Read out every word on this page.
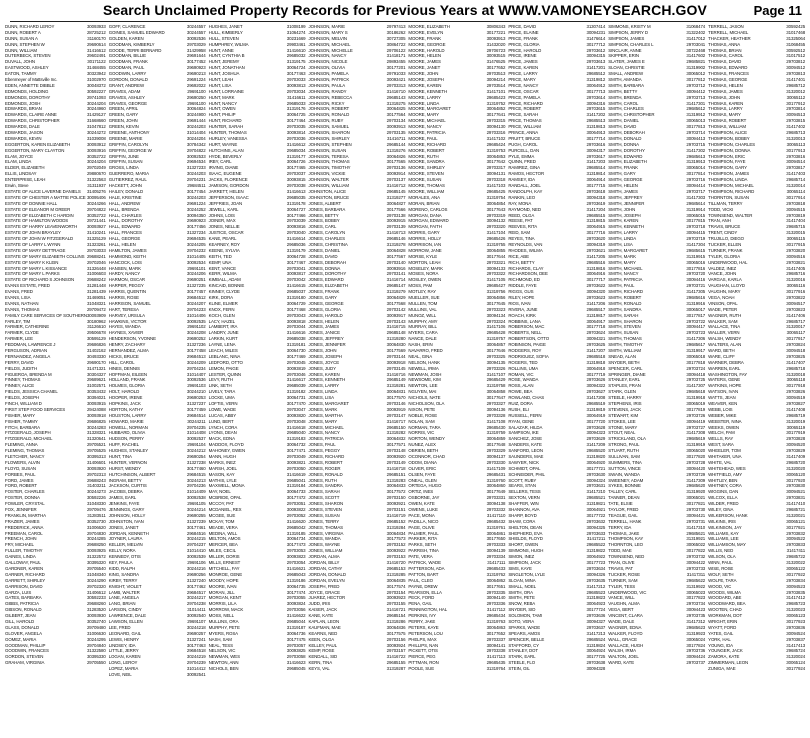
Search Unclaimed Property Records for Previous Years at WWW.VAMONEYSEARCH.GOV	Page 11
DUNN, RICHARD LEROY	30093933
DUNN, ROBERT A	28725212
DUNN, SUSAN A	31160170
DUNN, STEPHEN W	29690614
DUNN, WILLIAM	31416612
DUTERBECK, STEVEN	29602491
DUVALL, JOHN	30171122
EASTWOOD, ASHLEY	31468455
EATON, TAMMY	30323942
Ebenmeyer of Mattsville Inc.	31002970
EDEN, ANNETTE DIBBLE	30048372
EDMONDS, HOLDING	30592227
EDMONDS, DOROTHY	29741093
EDMONDS, JOSH	30244204
EDWARDS, BRIAN	30244960
EDWARDS, CLAIRE ANNE	31429127
EDWARDS, CHRISTOPHER	31668660
EDWARDS, DALE	31047812
EDWARDS, JASON	30244272
EDWARDS, KEVIN	31039008
EGGERTON, KAREN ELIZABETH	30093912
EGGERTON, MARY CLAYTON	30093916
ELAM, JOYCE	30352722
ELAM, LINDA	30244204
ELDER, ELIZABETH	29702049
ELLIS, LINDSAY	29880670
ENTERPRISE, LEAH	31322563
Erwin, Steve	31311937
ESTATE OF ALICE LAVERNE DANIELS 31405276
ESTATE OF CHESTER A MATTIE POLICE 30095406
ESTATE OF DONNIE HALL	30244266
ESTATE OF ELEANOR M GREER	29704822
ESTATE OF ELIZABETH C HARDIN	30352722
ESTATE OF HAMILTON WOODS	29721441
ESTATE OF HARRY LEAVENWORTH 30093927
ESTATE OF JOHN BRAYLEY	31410241
ESTATE OF JOHN W FITZGERALD	31325129
ESTATE OF LARRY L WYNN	31323261
ESTATE OF MARY DETTRAGE	29703033
ESTATE OF MARY ELIZABETH COLLINS 29688241
ESTATE OF MARY K KLEIN	29702046
ESTATE OF MARY L KISSANCE	31326448
ESTATE OF MARY L PARKS	31006603
ESTATE OF RICHARD S JOHNSON	29688242
EVANS ESTATE, FRED	31281448
EVANS, FRED	31281439
EVANS, LISA	31469051
EVANS, NATHAN	31048321
EVANS, THOMAS	29709472
FAMILY CARE SERVICES OF SOUTHERN 30093909
FARLEY, TIM	30180962
FARMER, CATHERINE	31126610
FARMER, CLYDE	29506678
FARMER, LEE	30595129
FEDDMAN, LAWRENCE J	29686826
FERGUSON, ADRIAN	31402162
FERNANDEZ, ANGELA	30493330
FERRY, DAVID	29690170
FIELDS, JUDITH	31471321
FIGUEROA, BRENDA M	30304327
FINNEY, THOMAS	29689621
FINNEY, ALICE	31002571
FIELDS, JESSICA CHANEL	30353432
FIELDS, JOSEPH	30394021
FINCH, WILLIAM D	30093915
FIRST STEP FOOD SERVICES	29424088
FISHER, MARY	30093918
FISHER, TAMMY	29686825
FITCH, BARBARA	30244283
FITZGERALD, JOSEPH	31328321
FITZGERALD, MICHAEL	31320641
FLEMING, ANNA	29705521
FLEMING, THOMAS	29705525
FLETCHER, NANCY	30395313
FLOWERS, ALVIN	31406601
FLOYD, SUSAN	30093920
FORBES, PAUL	29702313
FORD, JAMES	29688243
FORD, ROBERT	31403211
FOSTER, CHARLES	30244273
FOSTER, DONNA	30592226
FOWLER, CRYSTAL	31048330
FOX, JENNIFER	29709476
FRANKLIN, MARTHA	31283511
FRAZIER, JAMES	30352730
FREDERICK, ANNA	31006620
FREEMAN, CAROL	29704830
FRENCH, JOHN	30244285
FRY, MICHAEL	29688250
FULLER, TIMOTHY	30093925
GAINES, LINDA	31322572
GALLOWAY, PAUL	30395320
GARDNER, KAREN	29705540
GARNER, RICHARD	31048340
GARRETT, SHIRLEY	30244290
GARRISON, DAVID	29702320
GARZA, LUIS	31406612
GATES, BARBARA	30592233
GIBBS, PATRICIA	29688260
GIBSON, RONALD	31283520
GILBERT, JEAN	30093930
GILL, HAROLD	30352740
GLASS, DONALD	29709480
GLOVER, ANGELA	31006630
GOMEZ, MARIA	30244295
GOODMAN, PHILLIP	29704840
GOODWIN, FRANCES	31322580
GORDON, STEVEN	30395330
GRAHAM, VIRGINIA	29705550
GOFF, CLARENCE	30244557
GOINES, SAMUEL EDWARD	30244557
GOLDEN, KAREN	30092536
GOODMAN, KIMBERLY	29703029
GOODE, TERRI BERNARD	31429958
GOODMAN, BILLIE	29691644
GOODMAN, FRANK	30177452
GOODMAN, PAUL	29690923
GOODWIN, LARRY	29690213
GORDON, DONALD	29691224
GRANT, ANDREW	29692022
GRAVES, ADAM	29691100
GRAVES, ASHLEY	29690250
GRAVES, GEORGE	29691100
GREEN, APRIL	30064824
GREEN, GARY	30244900
GREEN, JOHN	29691444
GREEN, KEVIN	30244203
GREENE, ANTHONY	31014404
GREENE, MARIE	30244204
GRIFFIN, CAROLYN	30784342
GRIFFIN, GEORGE W	29704822
GRIFFIN, JUNE	30092533
GRIFFIN, SUSAN	29694534
GROSS, LINDA	31327233
GUERRERO, MARIA	30244203
GUTIERREZ, RAUL	29704231
HACKETT, JOHN	29684511
HAILEY, DONALD	30177454
HALE, KRISTINE	30244203
HALL, ANDREW	29691224
HALL, BRENDA	30244252
HALL, CHARLES	30094350
HALL, DOROTHY	29690923
HALL, EDWARD	30177456
HALL, FRANCES	31327234
HALL, GEORGE	29694535
HALL, HELEN	30244205
HAMILTON, JAMES	29704232
HAMMOND, KEITH	31014405
HANCOCK, LOIS	30092534
HANSEN, MARK	29691101
HARDY, NANCY	30244206
HARMON, OSCAR	29690251
HARPER, PEGGY	31327235
HARRIS, QUENTIN	30177457
HARRIS, ROSE	29684512
HARRISON, SAMUEL	30244207
HART, TERESA	29704233
HARVEY, URSULA	31014406
HAWKINS, VICTOR	30092535
HAYES, WANDA	29691102
HAYNES, XAVIER	30244208
HENDERSON, YVONNE	29690252
HENRY, ZACHARY	31327236
HERNANDEZ, ALMA	30177458
HICKS, BRUCE	29684513
HILL, CAROL	30244209
HINES, DENNIS	29704234
HOFFMAN, EILEEN	31014407
HOLLAND, FRANK	30092536
HOLMES, GLORIA	29691103
HOLT, HAROLD	30244210
HOOPER, IRENE	29690253
HOPKINS, JACK	31327237
HORTON, KATHY	30177459
HOUSTON, LARRY	29684514
HOWARD, MARIE	30244211
HOWELL, NORMAN	29704235
HUBBARD, OLIVIA	31014408
HUDSON, PERRY	30092537
HUFF, RACHEL	29691104
HUGHES, STANLEY	30244212
HUNT, TINA	29690254
HUNTER, VERNON	31327238
HURST, WENDY	30177460
HUTCHINSON, ALBERT	29684515
INGRAM, BETTY	30244213
JACKSON, CURTIS	29704236
JACOBS, DEBRA	31014409
JAMES, EARL	30092538
JENKINS, FAYE	29691105
JENNINGS, GARY	30244214
JOHNSON, HOLLY	29690255
JOHNSTON, IVAN	31327239
JONES, JANET	30177461
JORDAN, KENNETH	29684516
JOYNER, LAURA	30244215
KELLER, MELVIN	29704237
KELLY, NORA	31014410
KENNEDY, OTIS	30092539
KEY, PAULA	29691106
KIDD, RALPH	30244216
KING, SANDRA	29690256
KIRBY, TERRY	31327240
KNIGHT, VIOLET	30177462
LAMB, WALTER	29684517
LANE, ANGELA	30244217
LANG, BRIAN	29704238
LARSON, CINDY	31014411
LAWRENCE, DALE	30092540
LAWSON, ELLEN	29691107
LEE, FRED	30244218
LEONARD, GAIL	29690257
LEWIS, HENRY	31327241
LINDSEY, IDA	30177463
LITTLE, JERRY	29684518
LOGAN, KAREN	30244219
LONG, LEROY	29704239
LOPEZ, MARIA	31014412
LOVE, NEIL	30092541
HUGHES, JANET	31008199
HULL, KIMBERLY	31064274
HULL, STEVEN	30231669
HUMPHREY, WILMA	29903461
HUNT, ANNE	31416610
HUNT, CYNTHIA B	29685032
HUNT, JEREMY	31319175
HUNT, JONATHAN	30064724
HUNT, JOSHUA	30177463
HUNT, LEAH	29703033
HUNT, LISA	30093813
HUNT, LORRAINE	29703034
HUNT, MARK	31416611
HUNT, NANCY	29685033
HUNT, OWEN	31319176
HUNT, PHILIP	30064725
HUNT, RICHARD	30177464
HUNTER, SARAH	29703035
HUNTER, THOMAS	30093814
HURLEY, VANESSA	29703036
HURT, WAYNE	31416612
HUTCHINS, ALAN	29685034
HYDE, BEVERLY	31319177
IRBY, CARL	30064726
IRVING, DIANE	30177465
ISAAC, EUGENE	29703037
JACKS, FLORENCE	30093815
JAMISON, GORDON	29703038
JARRETT, HELEN	31416613
JEFFERSON, ISAAC	29685035
JEFFRIES, JOAN	31319178
JEWELL, KARL	30064727
JOHNS, LOIS	30177466
JOINER, MAX	29703039
JONES, NELLIE	30093816
JUSTICE, OSCAR	29703040
KANE, PEARL	31416614
KEARNEY, ROY	29685036
KEENE, SYLVIA	31319179
KEITH, TED	30064728
KEMP, UNA	30177467
KENT, VANCE	29703041
KERR, WILMA	30093817
KIMBALL, ADAM	29703042
KINCAID, BONNIE	31416615
KINNEY, CLYDE	29685037
KIRK, DORA	31319180
KLINE, ELMER	30064729
KNOX, FERN	30177468
KOCH, GLEN	29703043
LACY, HAZEL	30093818
LAMBERT, IRA	29703044
LANDRY, JUNE	31416616
LARKIN, KURT	29685038
LAYNE, LENA	31319181
LEACH, MILES	30064730
LEBLANC, NINA	30177469
LEDFORD, OTTO	29703045
LEMON, PAIGE	30093819
LESTER, QUINN	29703046
LEVY, RUTH	31416617
LINK, SETH	29685039
LIVELY, TARA	31319182
LOCKE, UMA	30064731
LOFTIS, VERN	30177470
LOWE, WADE	29703047
LUCAS, ABBY	30093820
LUND, BERT	29703048
LYNCH, CORA	31416618
LYONS, DEAN	29685040
MACK, EDNA	31319183
MADDOX, FLOYD	30064732
MAHONEY, GWEN	30177471
MANN, HUGH	29703049
MARKS, INEZ	30093821
MARSH, JOEL	29703050
MASON, KAY	31416619
MATHIS, LYLE	29685041
MAXWELL, MONA	31319184
MAY, NOEL	30064733
MCBRIDE, OPAL	30177472
MCCOY, PAT	29703051
MCDANIEL, REX	30093822
MCGEE, SUE	29703052
MCKAY, TOM	31416620
MEADE, VERA	29685042
MEDINA, WILL	31319185
MELTON, AMOS	30064734
MERCER, BEA	30177473
MILES, CECIL	29703053
MILLER, DORIS	30093823
MILLS, ERNEST	29703054
MITCHELL, FAY	31416621
MONROE, GENE	29685043
MOODY, HOPE	31319186
MOORE, IVAN	30064735
MORAN, JILL	30177474
MORGAN, KENT	29703055
MORRIS, LILA	30093824
MORROW, MACK	29703056
MOSS, NELL	31416622
MULLINS, ORA	29685044
MURPHY, PETE	31319187
MYERS, ROSA	30064736
NASH, SAM	30177475
NEAL, TESS	29703057
NELSON, VIC	30093825
NEWMAN, WES	29703058
NEWTON, ANN	31416623
NICHOLS, BEN	29685045
JOHNSON, MARIE	29797413
JOHNSON, MARY S	30186262
JOHNSON, MELVIN	30727305
JOHNSON, MICHAEL	30864722
JOHNSON, MICHELLE	29706122
JOHNSON, NANCY	31418171
JOHNSON, NICOLE	29893455
JOHNSON, OLIVIA	30177201
JOHNSON, PAMELA	29791033
JOHNSON, PATRICK	30093421
JOHNSON, PAULA	29703313
JOHNSON, RANDY	31416710
JOHNSON, REBECCA	29685143
JOHNSON, RICKY	31319275
JOHNSON, ROBERT	30064825
JOHNSON, RONALD	30177564
JOHNSON, RUBY	29703134
JOHNSON, SAMUEL	30093913
JOHNSON, SHARON	29703135
JOHNSON, SHIRLEY	31416711
JOHNSON, STEPHEN	29685144
JOHNSON, SUSAN	31319276
JOHNSON, TERESA	30064826
JOHNSON, THOMAS	30177565
JOHNSON, TIMOTHY	29703136
JOHNSON, VICKIE	30093914
JOHNSON, WALTER	29703137
JOHNSON, WILLIAM	31416712
JOHNSTON, ALICE	29685145
JOHNSTON, BRUCE	31319277
JONES, ALBERT	30064827
JONES, BARBARA	30177566
JONES, BETTY	29703138
JONES, BOBBY	30093915
JONES, CARL	29703139
JONES, CAROLYN	31416713
JONES, CHARLES	29685146
JONES, CHRISTINA	31319278
JONES, DANIEL	30064828
JONES, DAVID	30177567
JONES, DEBORAH	29703140
JONES, DONNA	30093916
JONES, DOROTHY	29703141
JONES, EDWARD	31416714
JONES, ELIZABETH	29685147
JONES, FRANK	31319279
JONES, GARY	30064829
JONES, GEORGE	30177568
JONES, GLORIA	29703142
JONES, HAROLD	30093917
JONES, HELEN	29703143
JONES, JAMES	31416715
JONES, JANICE	29685148
JONES, JEFFREY	31319280
JONES, JENNIFER	30064830
JONES, JOHN	30177569
JONES, JOSEPH	29703144
JONES, JOYCE	30093918
JONES, JUDY	29703145
JONES, KAREN	31416716
JONES, KENNETH	29685149
JONES, LARRY	31319281
JONES, LINDA	30064831
JONES, LISA	30177570
JONES, MARGARET	29703146
JONES, MARK	30093919
JONES, MARTHA	29703147
JONES, MARY	31416717
JONES, MICHAEL	29685150
JONES, NANCY	31319282
JONES, PATRICIA	30064832
JONES, PAUL	30177571
JONES, PEGGY	29703148
JONES, RICHARD	30093920
JONES, ROBERT	29703149
JONES, ROGER	31416718
JONES, RONALD	29685151
JONES, RUTH	31319283
JONES, SANDRA	30064833
JONES, SARAH	30177572
JONES, SCOTT	29703150
JONES, SHARON	30093921
JONES, STEVEN	29703151
JONES, SUSAN	31416719
JONES, TERRY	29685152
JONES, THOMAS	31319284
JONES, VIRGINIA	30064834
JONES, WANDA	30177573
JONES, WAYNE	29703152
JONES, WILLIAM	30093922
JORDAN, ALMA	29703153
JORDAN, BILLY	31416720
JORDAN, CATHY	29685153
JORDAN, DONALD	31319285
JORDAN, EVELYN	30064835
JOSEPH, FRED	30177574
JOYCE, GRACE	29703154
JUAREZ, HECTOR	30093923
JUDD, IRIS	29703155
KAISER, JACK	31416721
KANE, KATE	29685154
KAPLAN, LEON	31319286
KAUFMAN, MAE	30064836
KEARNS, NED	30177575
KEEN, OLGA	29703156
KELLEY, PAUL	30093924
KEMP, ROSE	29703157
KENDALL, SID	31416722
KERN, TINA	29685155
KEYS, VAL	31319287
MOORE, ELIZABETH	30806343
MOORE, EVELYN	30177221
MOORE, FRANK	30093913
MOORE, GEORGE	31432020
MOORE, HAROLD	29706723
MOORE, HELEN	30093515
MOORE, JAMES	31476525
MOORE, JANET	30177652
MOORE, JOHN	29703513
MOORE, JOSEPH	30094214
MOORE, KAREN	29703514
MOORE, KENNETH	31417101
MOORE, LARRY	29685423
MOORE, LINDA	31319752
MOORE, MARGARET	30064852
MOORE, MARY	30177641
MOORE, MICHAEL	29703315
MOORE, NANCY	30094130
MOORE, PATRICIA	29703316
MOORE, PAUL	31417102
MOORE, RICHARD	29685424
MOORE, ROBERT	31319753
MOORE, RUTH	30064853
MOORE, SANDRA	30177642
MOORE, SHIRLEY	29703317
MOORE, STEVEN	30094131
MOORE, SUSAN	29703318
MOORE, THOMAS	31417103
MOORE, WILLIAM	29685425
MORALES, ANA	31319754
MORAN, BRIAN	30064854
MORENO, CARLOS	30177643
MORGAN, DANA	29703319
MORGAN, EDWARD	30094132
MORGAN, FAITH	29703320
MORRIS, GARY	31417104
MORRIS, HOLLY	29685426
MORRISON, IAN	31319755
MORROW, JANE	30064855
MORSE, KYLE	30177644
MORTON, LEAH	29703321
MOSELEY, MARK	30094133
MOSES, NORA	29703322
MOSLEY, OWEN	31417105
MOSS, PAM	29685427
MOTLEY, RAY	31319756
MUELLER, SUE	30064856
MULLEN, TOM	30177645
MULLINS, VAL	29703323
MUNOZ, WILL	30094134
MURPHY, AMY	29703324
MURRAY, BILL	31417106
MYERS, CARA	29685428
NANCE, DALE	31319757
NASH, ERIN	30064857
NAVARRO, FRED	30177646
NEAL, GINA	29703325
NELSON, HANK	30094135
NEWELL, IRMA	29703326
NEWMAN, JOSH	31417107
NEWSOME, KIM	29685429
NEWTON, LEE	31319758
NGUYEN, MAI	30064858
NICHOLS, NATE	30177647
NICHOLSON, OLA	29703327
NIXON, PETE	30094136
NOBLE, ROSE	29703328
NOLAN, SAM	31417108
NORMAN, TARA	29685430
NORRIS, VIC	31319759
NORTON, WENDY	30064859
NUNEZ, ALEX	30177648
OBRIEN, BETH	29703329
OCONNOR, CHAD	30094137
ODOM, DIANA	29703330
OLIVER, ERIC	31417109
OLSEN, FAYE	29685431
ONEAL, GLEN	31319760
ORTEGA, HUGO	30064860
ORTIZ, INES	30177649
OSBORNE, JAY	29703331
OWEN, KATE	30094138
OWENS, LUKE	29703332
PACE, MONA	31417110
PADILLA, NICO	29685432
PAGE, OLIVE	31319761
PALMER, PAUL	30064861
PARKER, RITA	30177650
PARKS, SETH	29703333
PARRISH, TINA	30094139
PATE, VERA	29703334
PATRICK, WADE	31417111
PATTERSON, ADA	29685433
PATTON, BART	31319762
PAUL, CLEO	30064862
PAYNE, DREW	30177651
PEARSON, ELLA	29703335
PECK, FORD	30094140
PENA, GAIL	29703336
PENNINGTON, HAL	31417112
PERKINS, IVY	29685434
PERRY, JAKE	31319763
PETERS, KAYE	30064863
PETERSON, LOU	30177652
PHELPS, MAX	29703337
PHILLIPS, NAN	30094141
PICKETT, OTIS	29703338
PIERCE, PEG	31417113
PITTMAN, RON	29685435
POOLE, SUE	31319764
PRICE, DAVID	31307414
PRICE, ELAINE	30094231
PRICE, FRANK	31476614
PRICE, GLORIA	30177712
PRICE, HAROLD	29703612
PRICE, IRENE	30094315
PRICE, JAMES	29703613
PRICE, KAREN	31417201
PRICE, LARRY	29685512
PRICE, MARY	31319812
PRICE, NANCY	30064912
PRICE, OSCAR	30177713
PRICE, PAMELA	29703614
PRICE, RICHARD	30094316
PRICE, ROBERT	29703615
PRICE, SARAH	31417202
PRICE, THOMAS	29685513
PRICE, WILLIAM	31319813
PRINCE, ANNA	30064913
PRUITT, BRUCE	30177714
PUGH, CAROL	29703616
PURCELL, DAN	30094317
PYLE, EMMA	29703617
QUINN, FRED	31417203
RAMIREZ, GINA	29685514
RAMOS, HECTOR	31319814
RAMSEY, IDA	30064914
RANDALL, JOEL	30177715
RANDOLPH, KAY	29703618
RANKIN, LEO	30094318
RAY, MONA	29703619
RAYMOND, NED	31417204
REED, OLGA	29685515
REESE, PAT	31319815
REEVES, RITA	30064915
REID, SAM	30177716
REYES, TINA	29703620
REYNOLDS, VAN	30094319
RHODES, WILMA	29703621
RICE, ABE	31417205
RICH, BETTY	29685516
RICHARDS, CLAY	31319816
RICHARDSON, DEE	30064916
RICHMOND, ED	30177717
RIDDLE, FAYE	29703622
RIGGS, GUS	30094320
RILEY, HOPE	29703623
RIOS, IVAN	31417206
RIVERA, JUNE	29685517
ROACH, KIRK	31319817
ROBBINS, LANA	30064917
ROBERSON, MAC	30177718
ROBERTS, NELL	29703624
ROBERTSON, OTTO	30094321
ROBINSON, PAIGE	29703625
RODGERS, ROY	31417207
RODRIGUEZ, SOFIA	29685518
ROGERS, TED	31319818
ROLLINS, UMA	30064918
ROMAN, VIC	30177719
ROSE, WANDA	29703626
ROSS, ALAN	30094322
ROWE, BEA	29703627
ROWLAND, CHAS	31417208
RUIZ, DORA	29685519
RUSH, ELI	31319819
RUSSELL, FERN	30064919
RYAN, GENE	30177720
SALAZAR, HILDA	29703628
SAMPSON, IKE	30094323
SANCHEZ, JOSE	29703629
SANDERS, KATE	31417209
SANFORD, LEON	29685520
SAUNDERS, MAE	31319820
SAWYER, NICK	30064920
SCHMIDT, OPAL	30177721
SCHNEIDER, PHIL	29703630
SCOTT, RUBY	30094324
SEARS, STAN	29703631
SELLERS, TESS	31417210
SEXTON, VERN	29685521
SHAFFER, WIN	31319821
SHANNON, AVA	30064921
SHARP, BOYD	30177722
SHAW, CORA	29703632
SHELTON, DEAN	30094325
SHEPHERD, EVA	29703633
SHIELDS, FLOYD	31417211
SHORT, GWEN	29685522
SIMMONS, HUGH	31319822
SIMON, INEZ	30064922
SIMPSON, JACK	30177723
SIMS, KAYE	29703634
SINGLETON, LYLE	30094326
SLOAN, MINA	29703635
SMALL, NOEL	31417212
SMITH, ORA	29685523
SMITH, PETE	31319823
SNOW, REBA	30064923
SNYDER, SID	30177724
SOLOMON, TAMI	29703636
SOTO, VERA	30094327
SPARKS, WADE	29703637
SPEARS, AMOS	31417213
SPENCER, BELLE	29685524
STAFFORD, CY	31319824
STANLEY, DOT	30064924
STARK, EARL	30177725
STEELE, FLO	29703638
STEIN, GIL	30094328
SIMMONS, KRISTY M	31068474
SIMPSON, JERRY D	31322402
SIMPSON, JAMES	31417012
SIMPSON, CHARLES L	29703041
SINCLAIR, ANNE	30722468
SKIPPER, ERIN	31417602
SLATER, JAMES E	29685821
SLOAN, CHRISTIE	31319902
SMALL, ANDREW	30065012
SMITH, AMANDA	30177812
SMITH, BARBARA	29703712
SMITH, BETTY	30094412
SMITH, BRENDA	29703713
SMITH, CAROL	31417301
SMITH, CHARLES	29685612
SMITH, CHRISTOPHER	31319912
SMITH, DANIEL	30065013
SMITH, DAVID	30177813
SMITH, DEBORAH	29703714
SMITH, DONALD	30094413
SMITH, DONNA	29703715
SMITH, DOROTHY	31417302
SMITH, EDWARD	29685613
SMITH, ELIZABETH	31319913
SMITH, FRANK	30065014
SMITH, GARY	30177814
SMITH, GEORGE	29703716
SMITH, HELEN	30094414
SMITH, JAMES	29703717
SMITH, JEFFREY	31417303
SMITH, JENNIFER	29685614
SMITH, JOHN	31319914
SMITH, JOSEPH	30065015
SMITH, KAREN	30177815
SMITH, KENNETH	29703718
SMITH, LARRY	30094415
SMITH, LINDA	29703719
SMITH, LISA	31417304
SMITH, MARGARET	29685615
SMITH, MARK	31319915
SMITH, MARY	30065016
SMITH, MICHAEL	30177816
SMITH, NANCY	29703720
SMITH, PATRICIA	30094416
SMITH, PAUL	29703721
SMITH, RICHARD	31417305
SMITH, ROBERT	29685616
SMITH, RONALD	31319916
SMITH, SANDRA	30065017
SMITH, SARAH	30177817
SMITH, SHARON	29703722
SMITH, STEVEN	30094417
SMITH, SUSAN	29703723
SMITH, THOMAS	31417306
SMITH, TIMOTHY	29685617
SMITH, WILLIAM	31319917
SNEAD, ALAN	30065018
SNYDER, BETH	30177818
SPENCER, CARL	29703724
SPRINGER, DIANE	30094418
STANLEY, EARL	29703725
STAPLES, FRAN	31417307
STARK, GLEN	29685618
STEELE, HARRY	31319918
STEPHENS, IRIS	30065019
STEVENS, JACK	30177819
STEWART, KIM	29703726
STOKES, LEE	30094419
STONE, MARY	29703727
STOUT, NEAL	31417308
STRICKLAND, OLA	29685619
STRONG, PAUL	31319919
STUART, RUTH	30065020
SULLIVAN, SAM	30177820
SUMMERS, TINA	29703728
SUTTON, VINCE	30094420
SWAIN, WANDA	29703729
SWEENEY, ADAM	31417309
SYKES, BONNIE	29685620
TALLEY, CARL	31319920
TANNER, DEAN	30065021
TATE, ELSIE	30177821
TAYLOR, FRED	29703730
TEAGUE, GAIL	30094421
TERRELL, HANK	29703731
TERRY, IDA	31417310
THOMAS, JAKE	29685621
THOMPSON, KAY	31319921
THORNTON, LEO	30065022
TODD, MAE	30177822
TOWNSEND, NED	29703732
TRAN, OLIVE	30094422
TRAVIS, PAT	29703733
TUCKER, ROSE	31417311
TURNER, SAM	29685622
TYLER, TESS	31319922
UNDERWOOD, VIC	30065023
VANCE, WILL	30177823
VAUGHN, ALMA	29703734
VEGA, BERT	30094423
VINCENT, CLARA	29703735
WADE, DALE	31417312
WAGNER, EDNA	29685623
WALKER, FLOYD	31319923
WALL, GRACE	30065024
WALLACE, HUGH	30177824
WALSH, IRMA	29703736
WALTON, JOEL	30094424
WARD, KATE	29703737
TERRELL, JASON	30592425
TERRELL, MICHAEL	31017468
THACKER, HEATHER	31325064
THOMAS, ANNA	31068455
THOMAS, BRIAN	30592512
THOMAS, CAROL	31017512
THOMAS, DAVID	29703812
THOMAS, EDWARD	30094512
THOMAS, FRANCES	29703813
THOMAS, GEORGE	31417401
THOMAS, HELEN	29685712
THOMAS, JAMES	31320012
THOMAS, JOHN	30065112
THOMAS, KAREN	30177912
THOMAS, LARRY	29703814
THOMAS, MARY	30094513
THOMAS, ROBERT	29703815
THOMAS, WILLIAM	31417402
THOMPSON, ALICE	29685713
THOMPSON, BOBBY	31320013
THOMPSON, CHARLES	30065113
THOMPSON, DONNA	30177913
THOMPSON, ERIC	29703816
THOMPSON, FAYE	30094514
THOMPSON, GARY	29703817
THOMPSON, JAMES	31417403
THOMPSON, LINDA	29685714
THOMPSON, MICHAEL	31320014
THOMPSON, RICHARD	30065114
THORNTON, SUSAN	30177914
TILLMAN, TERRY	29703818
TODD, VICKI	30094515
TOWNSEND, WALTER	29703819
TRAN, ANH	31417404
TRAVIS, BRUCE	29685715
TRENT, CINDY	31320015
TRUJILLO, DIEGO	30065115
TUCKER, ELLEN	30177915
TURNER, FRANK	29703820
TYLER, GLORIA	30094516
UNDERWOOD, HAL	29703821
VALDEZ, INEZ	31417405
VANCE, JOHN	29685716
VARGAS, KARLA	31320016
VAUGHAN, LLOYD	30065116
VAUGHN, MARY	30177916
VEGA, NOAH	29703822
VINSON, OPAL	30094517
WADE, PETER	29703823
WAGNER, RUTH	31417406
WALKER, SAM	29685717
WALLACE, TINA	31320017
WALLER, VERN	30065117
WALSH, WENDY	30177917
WALTERS, ALAN	29703824
WARD, BETH	30094518
WARE, CLIFF	29703825
WARNER, DEBRA	31417407
WARREN, EARL	29685718
WASHINGTON, FAY	31320018
WATERS, GENE	30065118
WATKINS, HOPE	30177918
WATSON, IVAN	29703826
WATTS, JEAN	30094519
WEAVER, KEN	29703827
WEBB, LOIS	31417408
WEBER, MIKE	29685719
WEBSTER, NINA	31320019
WEEKS, OWEN	30065119
WELCH, PAM	30177919
WELLS, RAY	29703828
WEST, SARA	30094520
WHEELER, TOM	29703829
WHITAKER, UNA	31417409
WHITE, VAL	29685720
WHITEHEAD, WES	31320020
WHITFIELD, AMY	30065120
WHITLEY, BEN	30177920
WHITNEY, CORA	29703830
WIGGINS, DAN	30094521
WILCOX, ELLA	29703831
WILDER, FRED	31417410
WILEY, GINA	29685721
WILKERSON, HANK	31320021
WILKINS, IRIS	30065121
WILKINSON, JAY	30177921
WILLIAMS, KAY	29703832
WILLIAMS, LEE	30094522
WILLIAMSON, MAY	29703833
WILLIS, NED	31417411
WILSON, OLA	29685722
WINN, PAUL	31320022
WISE, ROSE	30065122
WOLF, SETH	30177922
WOLFE, TARA	29703834
WOOD, VIC	30094523
WOODS, WILMA	29703835
WOODARD, ABE	31417412
WOODWARD, BEA	29685723
WOOTEN, CHAD	31320023
WORKMAN, DOT	30065123
WRIGHT, ERIN	30177923
WYATT, FORD	29703836
YATES, GAIL	30094524
YORK, HAL	29703837
YOUNG, IDA	31417413
YOUNGER, JACK	29685724
ZAMORA, KATE	31320024
ZIMMERMAN, LEON	30065124
ZUNIGA, MAE	30177924
